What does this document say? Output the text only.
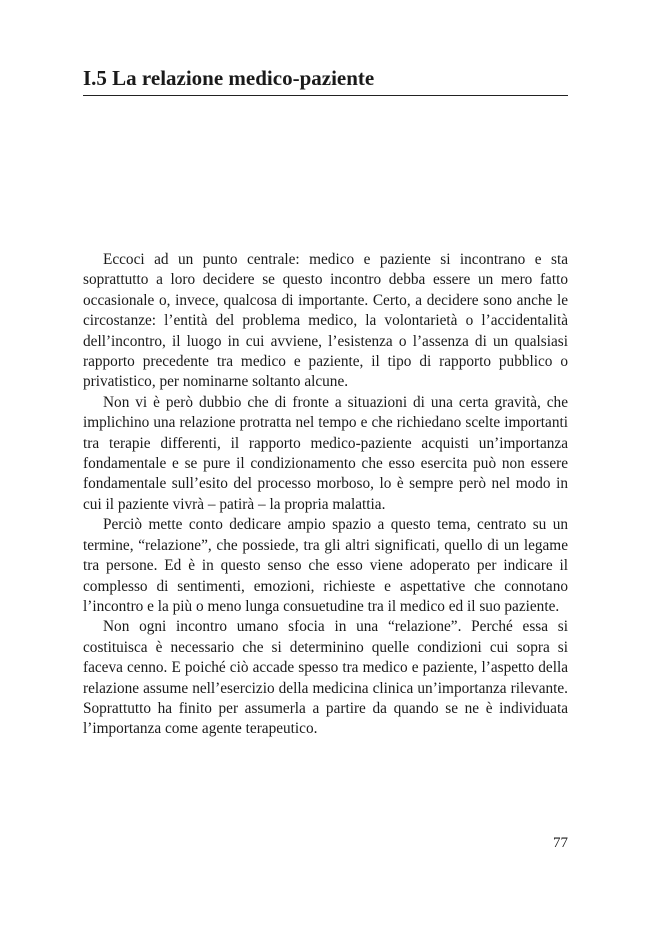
I.5 La relazione medico-paziente

Eccoci ad un punto centrale: medico e paziente si incontrano e sta soprattutto a loro decidere se questo incontro debba essere un mero fatto occasionale o, invece, qualcosa di importante. Certo, a decidere sono anche le circostanze: l’entità del problema medico, la volontarietà o l’accidentalità dell’incontro, il luogo in cui avviene, l’esistenza o l’assenza di un qualsiasi rapporto precedente tra medico e paziente, il tipo di rapporto pubblico o privatistico, per nominarne soltanto alcune.

Non vi è però dubbio che di fronte a situazioni di una certa gravità, che implichino una relazione protratta nel tempo e che richiedano scelte importanti tra terapie differenti, il rapporto medico-paziente acquisti un’importanza fondamentale e se pure il condizionamento che esso esercita può non essere fondamentale sull’esito del processo morboso, lo è sempre però nel modo in cui il paziente vivrà – patirà – la propria malattia.

Perciò mette conto dedicare ampio spazio a questo tema, centrato su un termine, “relazione”, che possiede, tra gli altri significati, quello di un legame tra persone. Ed è in questo senso che esso viene adoperato per indicare il complesso di sentimenti, emozioni, richieste e aspettative che connotano l’incontro e la più o meno lunga consuetudine tra il medico ed il suo paziente.

Non ogni incontro umano sfocia in una “relazione”. Perché essa si costituisca è necessario che si determinino quelle condizioni cui sopra si faceva cenno. E poiché ciò accade spesso tra medico e paziente, l’aspetto della relazione assume nell’esercizio della medicina clinica un’importanza rilevante. Soprattutto ha finito per assumerla a partire da quando se ne è individuata l’importanza come agente terapeutico.

77
